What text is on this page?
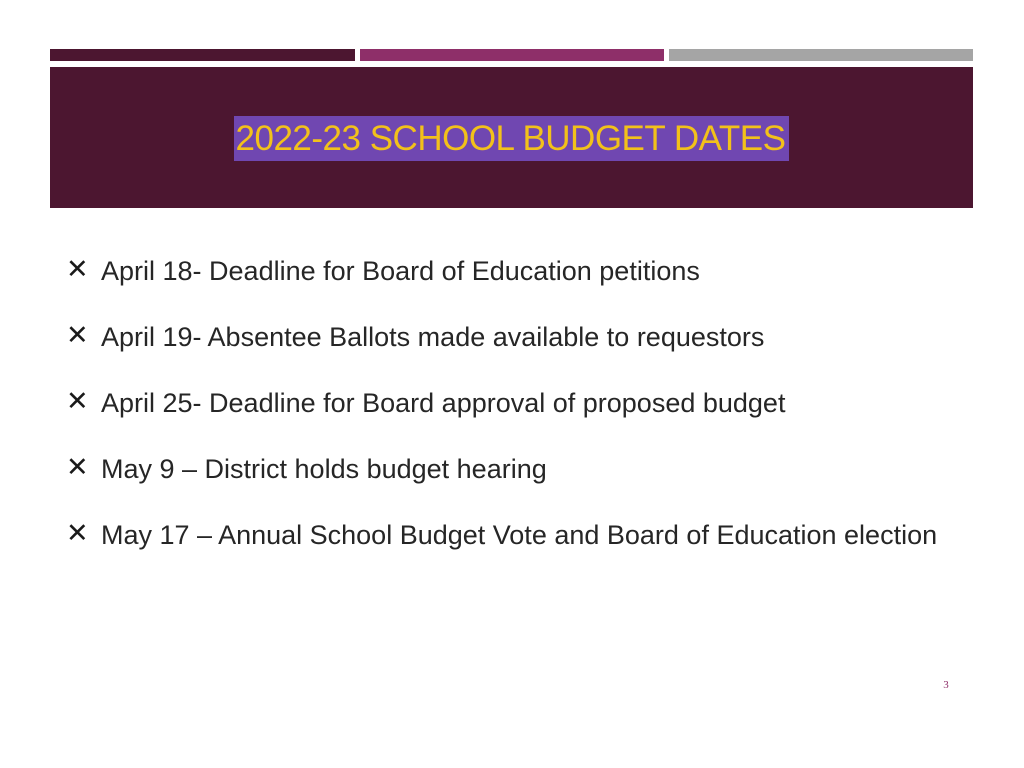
2022-23 SCHOOL BUDGET DATES
✕ April 18- Deadline for Board of Education petitions
✕ April 19- Absentee Ballots made available to requestors
✕ April 25- Deadline for Board approval of proposed budget
✕ May 9 – District holds budget hearing
✕ May 17 – Annual School Budget Vote and Board of Education election
3
